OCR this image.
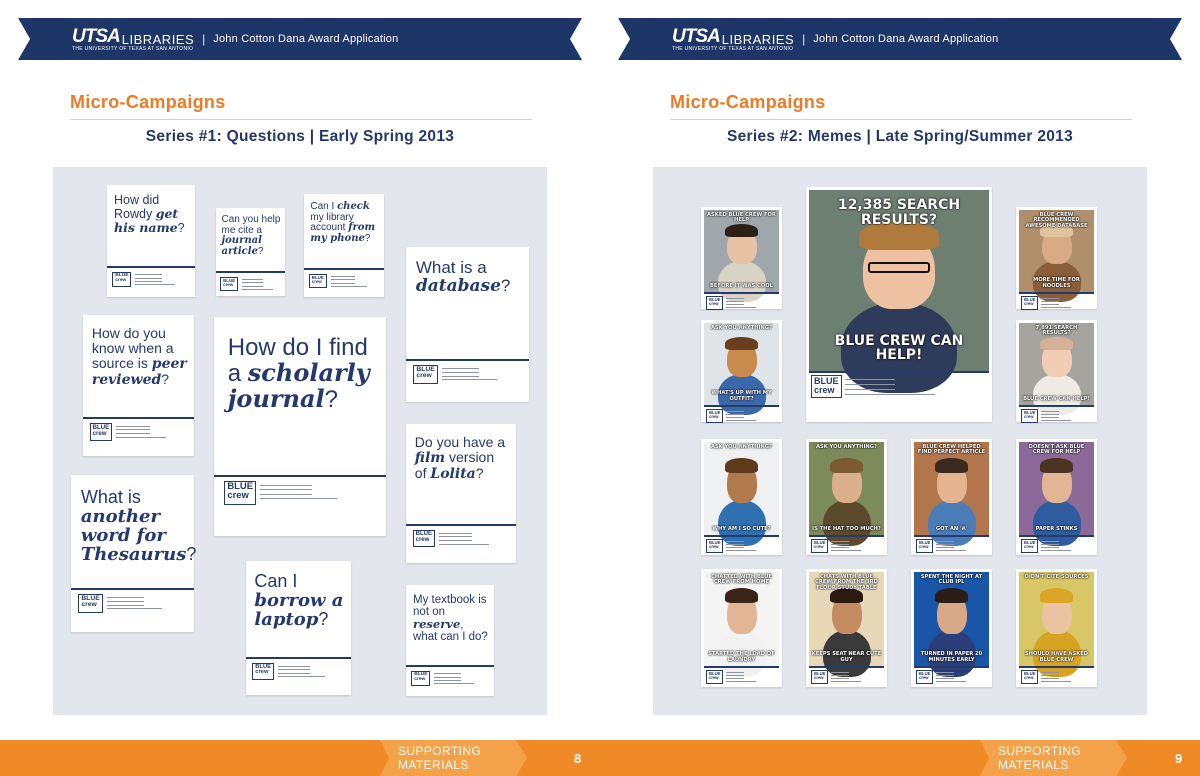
UTSA LIBRARIES
THE UNIVERSITY OF TEXAS AT SAN ANTONIO
| John Cotton Dana Award Application
Micro-Campaigns
Series #1: Questions | Early Spring 2013
How did Rowdy get his name?
BLUE
crew
Can you help me cite a journal article?
BLUE
crew
Can I check my library account from my phone?
BLUE
crew
What is a database?
BLUE
crew
How do you know when a source is peer reviewed?
BLUE
crew
How do I find a scholarly journal?
BLUE
crew
Do you have a film version of Lolita?
BLUE
crew
What is another word for Thesaurus?
BLUE
crew
Can I borrow a laptop?
BLUE
crew
My textbook is not on reserve, what can I do?
BLUE
crew
SUPPORTING MATERIALS	8
UTSA LIBRARIES
THE UNIVERSITY OF TEXAS AT SAN ANTONIO
| John Cotton Dana Award Application
Micro-Campaigns
Series #2: Memes | Late Spring/Summer 2013
ASKED BLUE CREW FOR HELP
BEFORE IT WAS COOL
BLUE
crew
12,385 SEARCH RESULTS?
BLUE CREW CAN HELP!
BLUE
crew
BLUE CREW RECOMMENDED AWESOME DATABASE
MORE TIME FOR NOODLES
BLUE
crew
ASK YOU ANYTHING?
WHAT'S UP WITH MY OUTFIT?
BLUE
crew
7,891 SEARCH RESULTS?
BLUE CREW CAN HELP!
BLUE
crew
ASK YOU ANYTHING?
WHY AM I SO CUTE?
BLUE
crew
ASK YOU ANYTHING?
IS THE HAT TOO MUCH?
BLUE
crew
BLUE CREW HELPED FIND PERFECT ARTICLE
GOT AN 'A'
BLUE
crew
DOESN'T ASK BLUE CREW FOR HELP
PAPER STINKS
BLUE
crew
CHATTED WITH BLUE CREW FROM HOME
STARTED THE LOAD OF LAUNDRY
BLUE
crew
CHATS WITH BLUE CREW FROM THE 3RD FLOOR STUDY TABLE
KEEPS SEAT NEAR CUTE GUY
BLUE
crew
SPENT THE NIGHT AT CLUB IPL
TURNED IN PAPER 20 MINUTES EARLY
BLUE
crew
DIDN'T CITE SOURCES
SHOULD HAVE ASKED BLUE CREW
BLUE
crew
SUPPORTING MATERIALS	9
